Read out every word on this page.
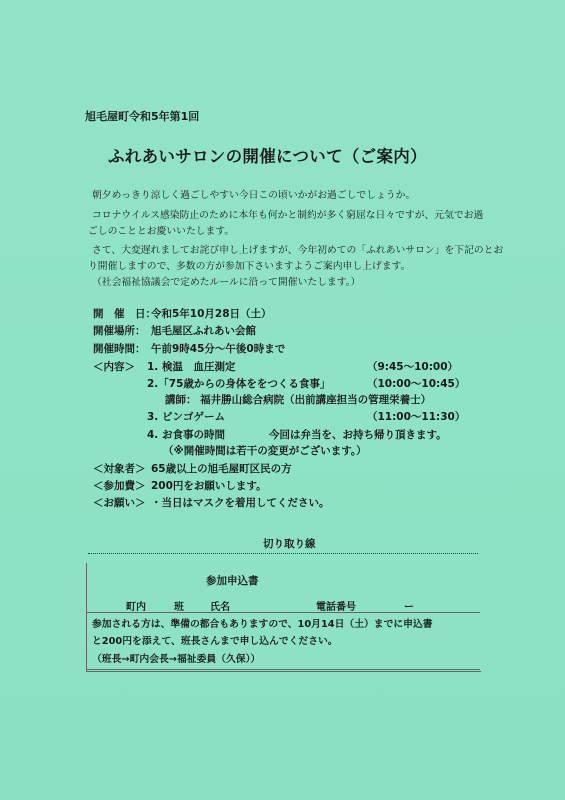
旭毛屋町令和5年第1回
ふれあいサロンの開催について（ご案内）
朝夕めっきり涼しく過ごしやすい今日この頃いかがお過ごしでしょうか。
コロナウイルス感染防止のために本年も何かと制約が多く窮屈な日々ですが、元気でお過
ごしのこととお慶いいたします。
さて、大変遅れましてお詫び申し上げますが、今年初めての「ふれあいサロン」を下記のとお
り開催しますので、多数の方が参加下さいますようご案内申し上げます。
（社会福祉協議会で定めたルールに沿って開催いたします。）
開　催　日：
令和5年10月28日（土）
開催場所： 旭毛屋区ふれあい会館
開催時間： 午前9時45分～午後0時まで
＜内容＞ 1. 検温　血圧測定	（9:45～10:00）
2.「75歳からの身体ををつくる食事」	（10:00～10:45）
講師： 福井勝山総合病院（出前講座担当の管理栄養士）
3. ビンゴゲーム	（11:00～11:30）
4. お食事の時間	今回は弁当を、お持ち帰り頂きます。
（※開催時間は若干の変更がございます。）
＜対象者＞ 65歳以上の旭毛屋町区民の方
＜参加費＞ 200円をお願いします。
＜お願い＞ ・当日はマスクを着用してください。
切り取り線
参加申込書
町内	班	氏名	電話番号	ー
参加される方は、準備の都合もありますので、10月14日（土）までに申込書
と200円を添えて、班長さんまで申し込んでください。
（班長→町内会長→福祉委員（久保））
